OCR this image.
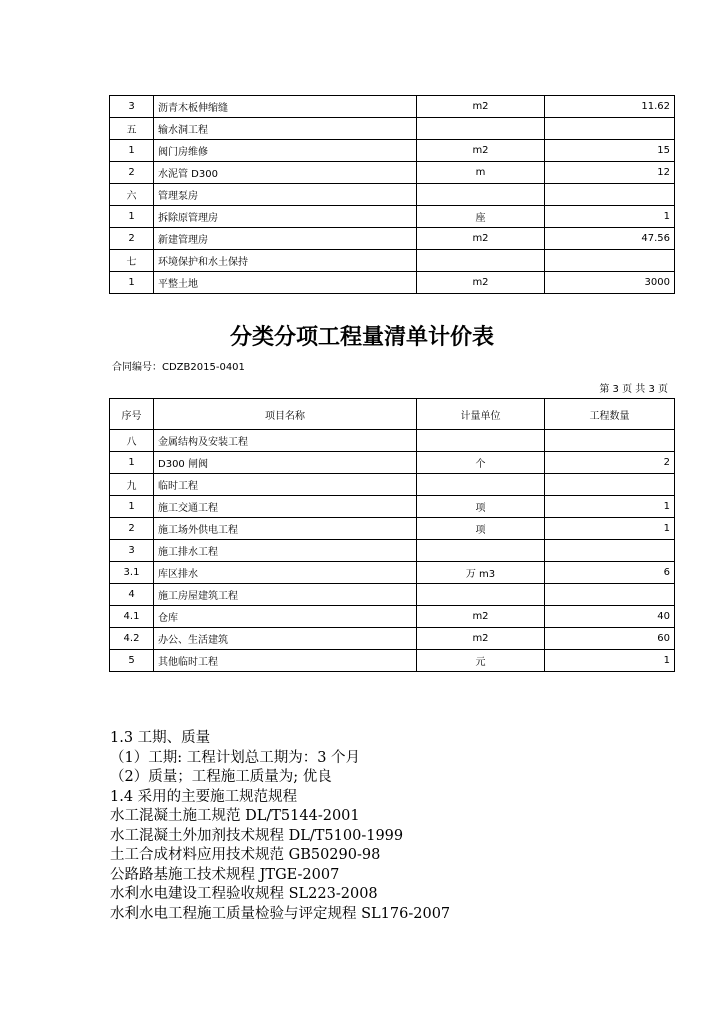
3	沥青木板伸缩缝	m2	11.62
五	输水洞工程		
1	阀门房维修	m2	15
2	水泥管 D300	m	12
六	管理泵房		
1	拆除原管理房	座	1
2	新建管理房	m2	47.56
七	环境保护和水土保持		
1	平整土地	m2	3000
分类分项工程量清单计价表
合同编号：CDZB2015-0401
第 3 页 共 3 页
序号	项目名称	计量单位	工程数量
八	金属结构及安装工程		
1	D300 闸阀	个	2
九	临时工程		
1	施工交通工程	项	1
2	施工场外供电工程	项	1
3	施工排水工程		
3.1	库区排水	万 m3	6
4	施工房屋建筑工程		
4.1	仓库	m2	40
4.2	办公、生活建筑	m2	60
5	其他临时工程	元	1
1.3 工期、质量
（1）工期: 工程计划总工期为：3 个月
（2）质量；工程施工质量为; 优良
1.4 采用的主要施工规范规程
水工混凝土施工规范 DL/T5144-2001
水工混凝土外加剂技术规程 DL/T5100-1999
土工合成材料应用技术规范 GB50290-98
公路路基施工技术规程 JTGE-2007
水利水电建设工程验收规程 SL223-2008
水利水电工程施工质量检验与评定规程 SL176-2007
